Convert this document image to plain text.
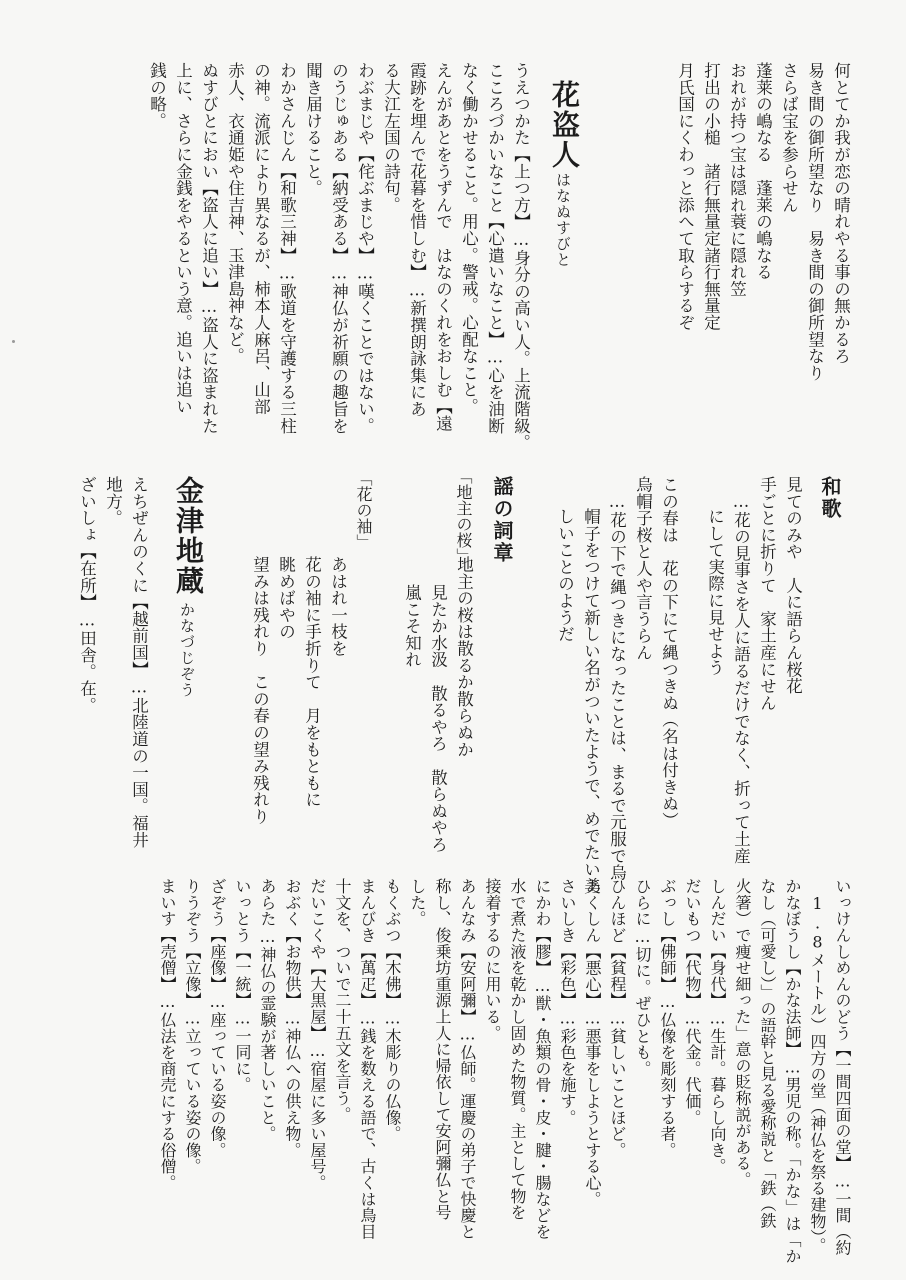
何とてか我が恋の晴れやる事の無かるろ
易き間の御所望なり　易き間の御所望なり
さらば宝を参らせん
蓬莱の嶋なる　蓬莱の嶋なる
おれが持つ宝は隠れ蓑に隠れ笠
打出の小槌　諸行無量定諸行無量定
月氏国にくわっと添へて取らするぞ
花盗人
はなぬすびと
うえつかた【上つ方】…身分の高い人。上流階級。
こころづかいなこと【心遣いなこと】…心を油断
なく働かせること。用心。警戒。心配なこと。
えんがあとをうずんで　はなのくれをおしむ【遠
霞跡を埋んで花暮を惜しむ】…新撰朗詠集にあ
る大江左国の詩句。
わぶまじや【侘ぶまじや】…嘆くことではない。
のうじゅある【納受ある】…神仏が祈願の趣旨を
聞き届けること。
わかさんじん【和歌三神】…歌道を守護する三柱
の神。流派により異なるが、柿本人麻呂、山部
赤人、衣通姫や住吉神、玉津島神など。
ぬすびとにおい【盗人に追い】…盗人に盗まれた
上に、さらに金銭をやるという意。追いは追い
銭の略。
和歌
見てのみや　人に語らん桜花
手ごとに折りて　家土産にせん
…花の見事さを人に語るだけでなく、折って土産
にして実際に見せよう
この春は　花の下にて縄つきぬ（名は付きぬ）
烏帽子桜と人や言うらん
…花の下で縄つきになったことは、まるで元服で烏
帽子をつけて新しい名がついたようで、めでたい美
しいことのようだ
謡の詞章
「地主の桜」
地主の桜は散るか散らぬか
見たか水汲　散るやろ　散らぬやろ
嵐こそ知れ
「花の袖」
あはれ一枝を
花の袖に手折りて　月をもともに
眺めばやの
望みは残れり　この春の望み残れり
金津地蔵
かなづじぞう
えちぜんのくに【越前国】…北陸道の一国。福井
地方。
ざいしょ【在所】…田舎。在。
いっけんしめんのどう【一間四面の堂】…一間（約
1.8メートル）四方の堂（神仏を祭る建物）。
かなぼうし【かな法師】…男児の称。「かな」は「か
なし（可愛し）」の語幹と見る愛称説と「鉄（鉄
火箸）で痩せ細った」意の貶称説がある。
しんだい【身代】…生計。暮らし向き。
だいもつ【代物】…代金。代価。
ぶっし【佛師】…仏像を彫刻する者。
ひらに…切に。ぜひとも。
ひんほど【貧程】…貧しいことほど。
あくしん【悪心】…悪事をしようとする心。
さいしき【彩色】…彩色を施す。
にかわ【膠】…獣・魚類の骨・皮・腱・腸などを
水で煮た液を乾かし固めた物質。主として物を
接着するのに用いる。
あんなみ【安阿彌】…仏師。運慶の弟子で快慶と
称し、俊乗坊重源上人に帰依して安阿彌仏と号
した。
もくぶつ【木佛】…木彫りの仏像。
まんびき【萬疋】…銭を数える語で、古くは鳥目
十文を、ついで二十五文を言う。
だいこくや【大黒屋】…宿屋に多い屋号。
おぶく【お物供】…神仏への供え物。
あらた…神仏の霊験が著しいこと。
いっとう【一統】…一同に。
ざぞう【座像】…座っている姿の像。
りうぞう【立像】…立っている姿の像。
まいす【売僧】…仏法を商売にする俗僧。
